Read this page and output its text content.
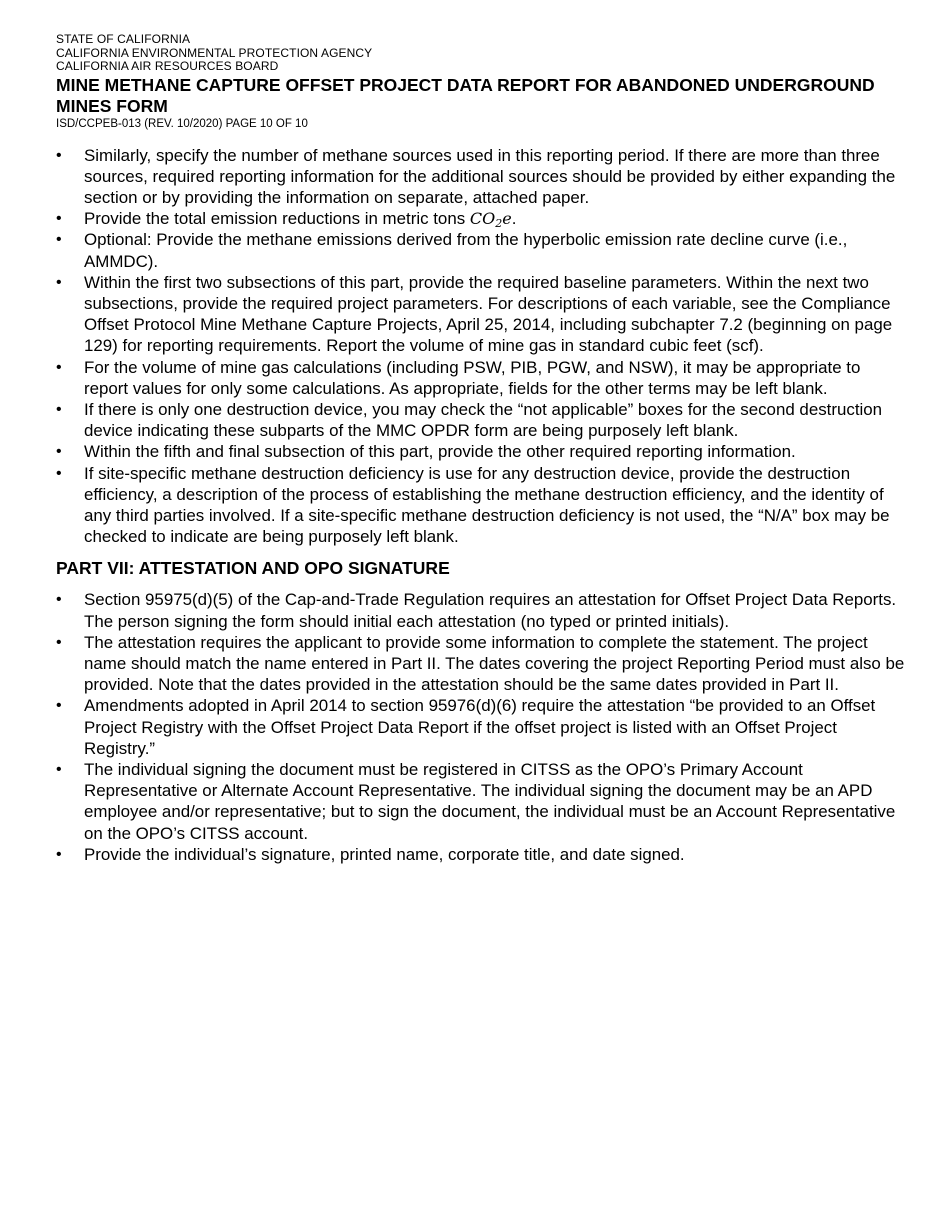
STATE OF CALIFORNIA
CALIFORNIA ENVIRONMENTAL PROTECTION AGENCY
CALIFORNIA AIR RESOURCES BOARD
MINE METHANE CAPTURE OFFSET PROJECT DATA REPORT FOR ABANDONED UNDERGROUND MINES FORM
ISD/CCPEB-013 (REV. 10/2020) PAGE 10 OF 10
• Similarly, specify the number of methane sources used in this reporting period. If there are more than three sources, required reporting information for the additional sources should be provided by either expanding the section or by providing the information on separate, attached paper.
• Provide the total emission reductions in metric tons $CO_2e$.
• Optional: Provide the methane emissions derived from the hyperbolic emission rate decline curve (i.e., AMMDC).
• Within the first two subsections of this part, provide the required baseline parameters. Within the next two subsections, provide the required project parameters. For descriptions of each variable, see the Compliance Offset Protocol Mine Methane Capture Projects, April 25, 2014, including subchapter 7.2 (beginning on page 129) for reporting requirements. Report the volume of mine gas in standard cubic feet (scf).
• For the volume of mine gas calculations (including PSW, PIB, PGW, and NSW), it may be appropriate to report values for only some calculations. As appropriate, fields for the other terms may be left blank.
• If there is only one destruction device, you may check the “not applicable” boxes for the second destruction device indicating these subparts of the MMC OPDR form are being purposely left blank.
• Within the fifth and final subsection of this part, provide the other required reporting information.
• If site-specific methane destruction deficiency is use for any destruction device, provide the destruction efficiency, a description of the process of establishing the methane destruction efficiency, and the identity of any third parties involved. If a site-specific methane destruction deficiency is not used, the “N/A” box may be checked to indicate are being purposely left blank.
PART VII: ATTESTATION AND OPO SIGNATURE
• Section 95975(d)(5) of the Cap-and-Trade Regulation requires an attestation for Offset Project Data Reports. The person signing the form should initial each attestation (no typed or printed initials).
• The attestation requires the applicant to provide some information to complete the statement. The project name should match the name entered in Part II. The dates covering the project Reporting Period must also be provided. Note that the dates provided in the attestation should be the same dates provided in Part II.
• Amendments adopted in April 2014 to section 95976(d)(6) require the attestation “be provided to an Offset Project Registry with the Offset Project Data Report if the offset project is listed with an Offset Project Registry.”
• The individual signing the document must be registered in CITSS as the OPO’s Primary Account Representative or Alternate Account Representative. The individual signing the document may be an APD employee and/or representative; but to sign the document, the individual must be an Account Representative on the OPO’s CITSS account.
• Provide the individual’s signature, printed name, corporate title, and date signed.
